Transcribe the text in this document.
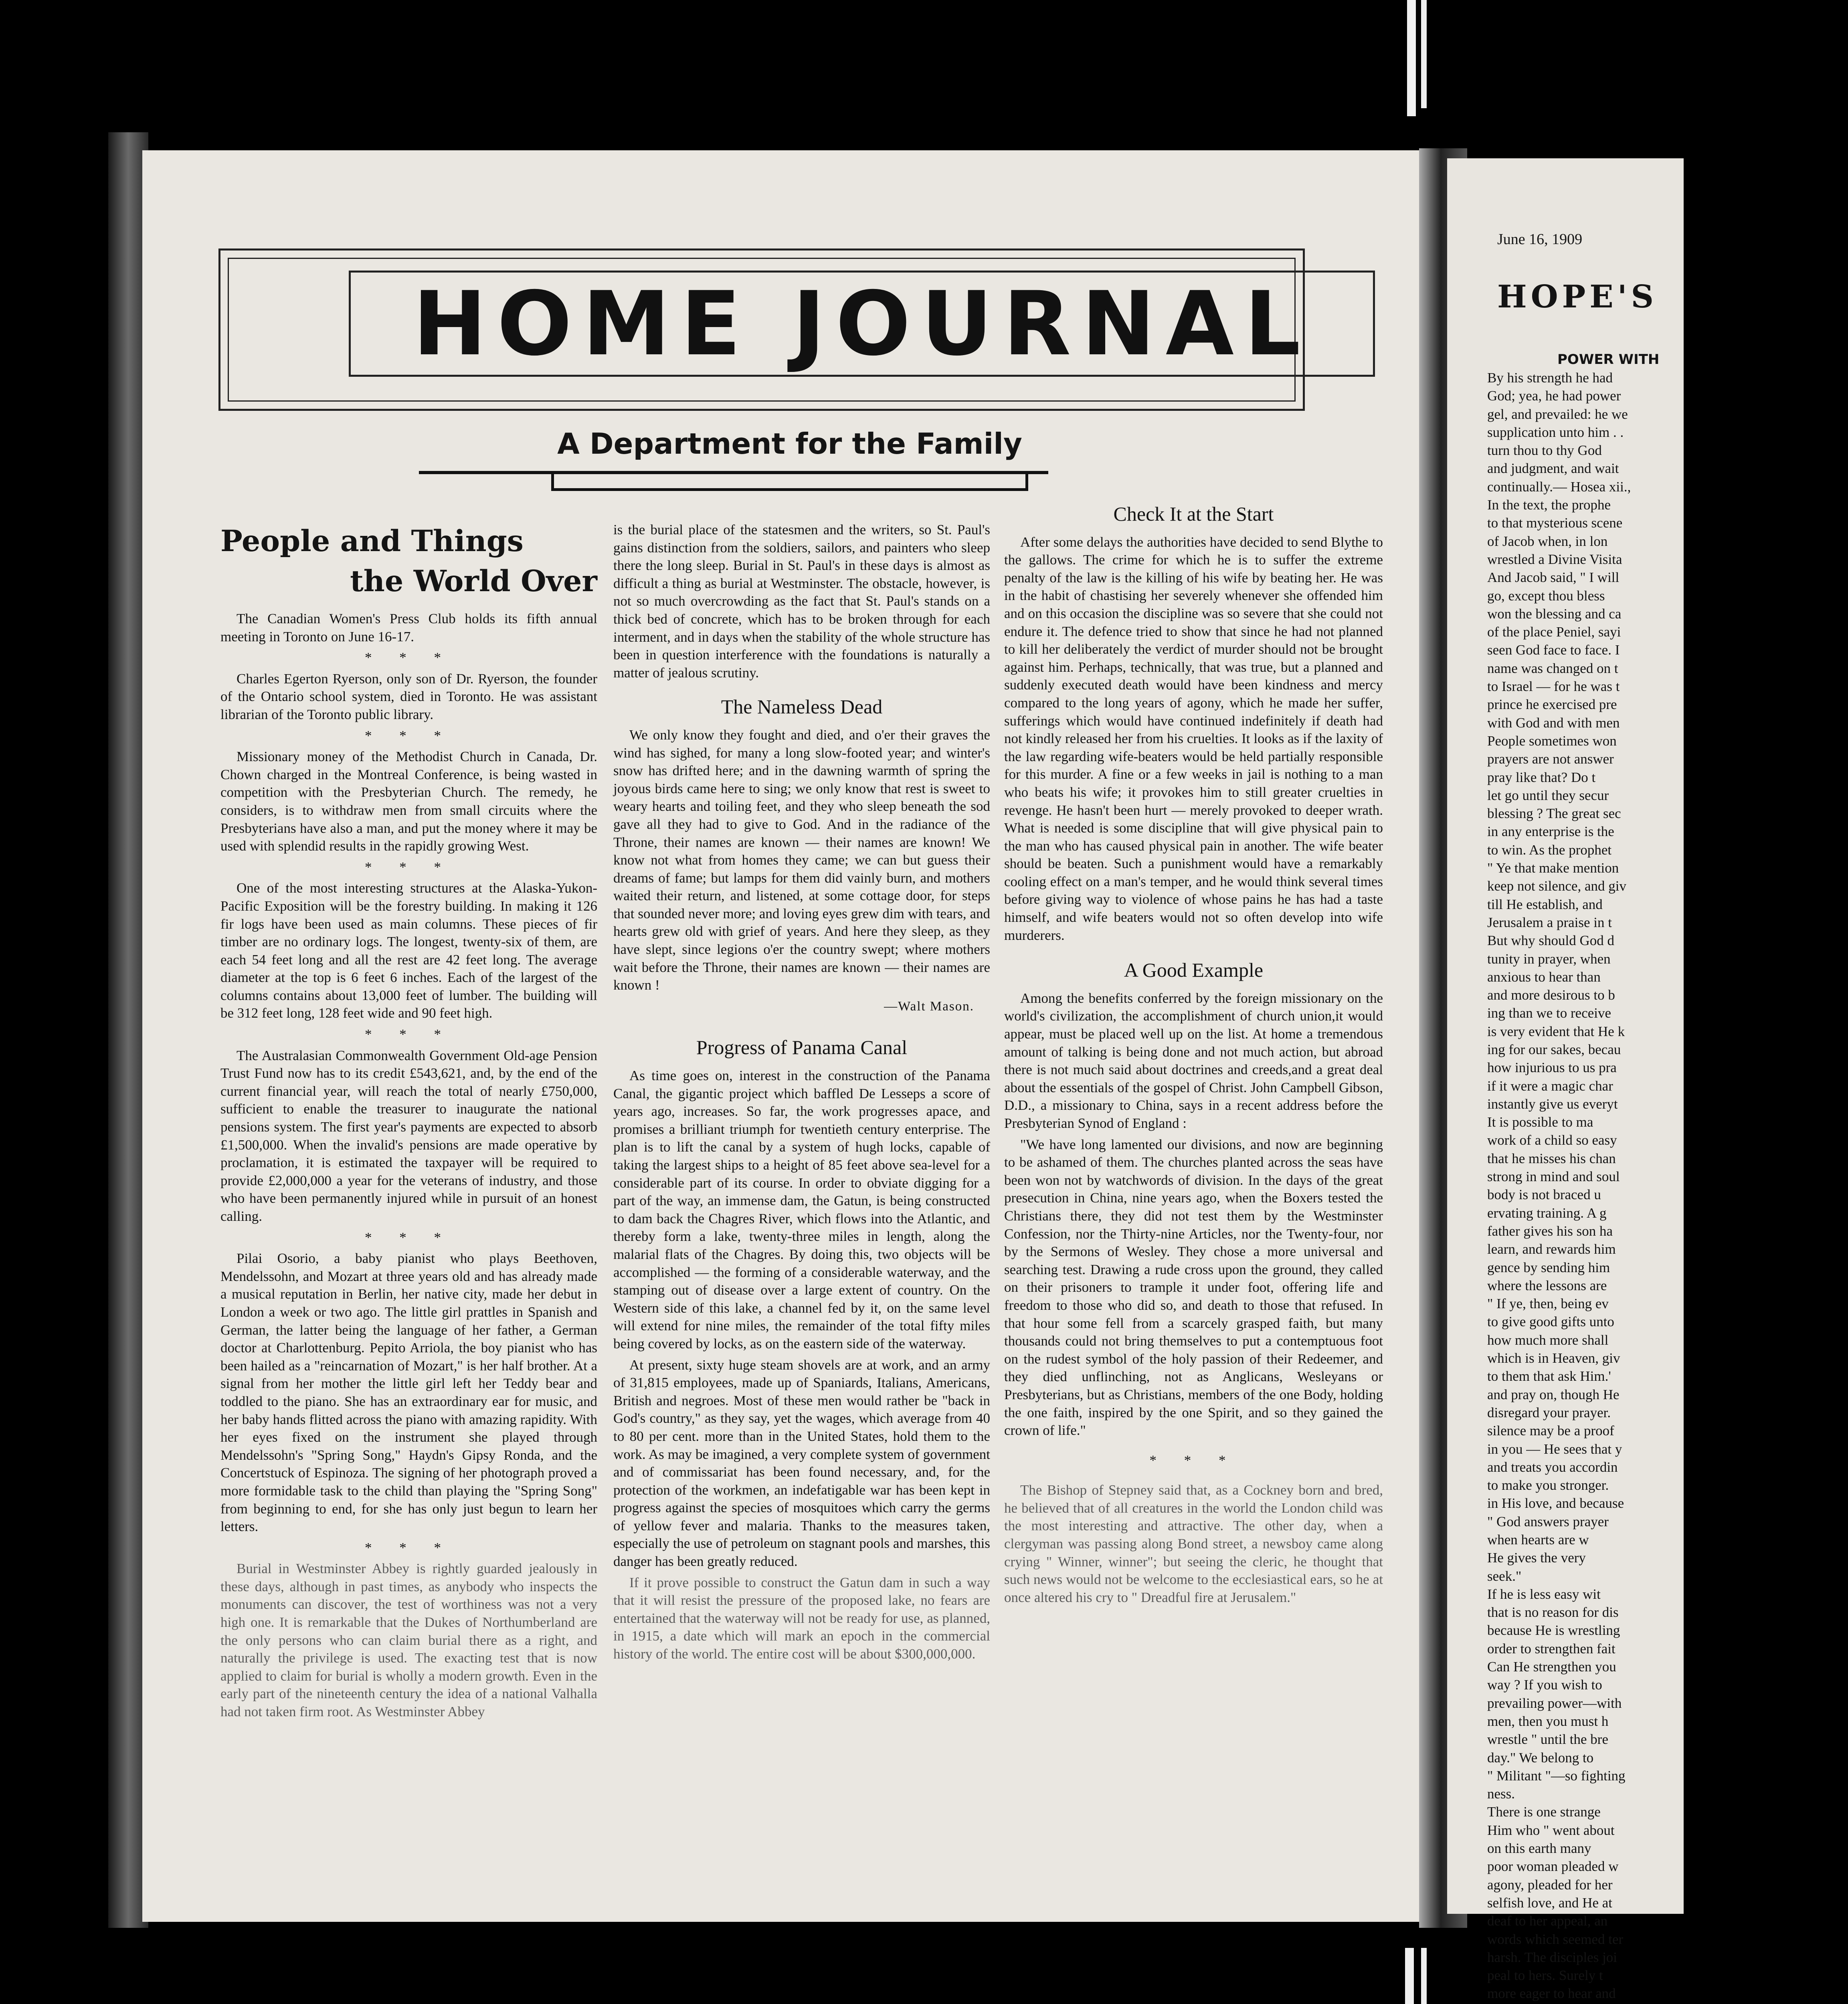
HOME JOURNAL
A Department for the Family
People and Things
the World Over

The Canadian Women's Press Club holds its fifth annual meeting in Toronto on June 16-17.

* * *

Charles Egerton Ryerson, only son of Dr. Ryerson, the founder of the Ontario school system, died in Toronto. He was assistant librarian of the Toronto public library.

* * *

Missionary money of the Methodist Church in Canada, Dr. Chown charged in the Montreal Conference, is being wasted in competition with the Presbyterian Church. The remedy, he considers, is to withdraw men from small circuits where the Presbyterians have also a man, and put the money where it may be used with splendid results in the rapidly growing West.

* * *

One of the most interesting structures at the Alaska-Yukon-Pacific Exposition will be the forestry building. In making it 126 fir logs have been used as main columns. These pieces of fir timber are no ordinary logs. The longest, twenty-six of them, are each 54 feet long and all the rest are 42 feet long. The average diameter at the top is 6 feet 6 inches. Each of the largest of the columns contains about 13,000 feet of lumber. The building will be 312 feet long, 128 feet wide and 90 feet high.

* * *

The Australasian Commonwealth Government Old-age Pension Trust Fund now has to its credit £543,621, and, by the end of the current financial year, will reach the total of nearly £750,000, sufficient to enable the treasurer to inaugurate the national pensions system. The first year's payments are expected to absorb £1,500,000. When the invalid's pensions are made operative by proclamation, it is estimated the taxpayer will be required to provide £2,000,000 a year for the veterans of industry, and those who have been permanently injured while in pursuit of an honest calling.

* * *

Pilai Osorio, a baby pianist who plays Beethoven, Mendelssohn, and Mozart at three years old and has already made a musical reputation in Berlin, her native city, made her debut in London a week or two ago. The little girl prattles in Spanish and German, the latter being the language of her father, a German doctor at Charlottenburg. Pepito Arriola, the boy pianist who has been hailed as a "reincarnation of Mozart," is her half brother. At a signal from her mother the little girl left her Teddy bear and toddled to the piano. She has an extraordinary ear for music, and her baby hands flitted across the piano with amazing rapidity. With her eyes fixed on the instrument she played through Mendelssohn's "Spring Song," Haydn's Gipsy Ronda, and the Concertstuck of Espinoza. The signing of her photograph proved a more formidable task to the child than playing the "Spring Song" from beginning to end, for she has only just begun to learn her letters.

* * *

Burial in Westminster Abbey is rightly guarded jealously in these days, although in past times, as anybody who inspects the monuments can discover, the test of worthiness was not a very high one. It is remarkable that the Dukes of Northumberland are the only persons who can claim burial there as a right, and naturally the privilege is used. The exacting test that is now applied to claim for burial is wholly a modern growth. Even in the early part of the nineteenth century the idea of a national Valhalla had not taken firm root. As Westminster Abbey

is the burial place of the statesmen and the writers, so St. Paul's gains distinction from the soldiers, sailors, and painters who sleep there the long sleep. Burial in St. Paul's in these days is almost as difficult a thing as burial at Westminster. The obstacle, however, is not so much overcrowding as the fact that St. Paul's stands on a thick bed of concrete, which has to be broken through for each interment, and in days when the stability of the whole structure has been in question interference with the foundations is naturally a matter of jealous scrutiny.

The Nameless Dead

We only know they fought and died, and o'er their graves the wind has sighed, for many a long slow-footed year; and winter's snow has drifted here; and in the dawning warmth of spring the joyous birds came here to sing; we only know that rest is sweet to weary hearts and toiling feet, and they who sleep beneath the sod gave all they had to give to God. And in the radiance of the Throne, their names are known — their names are known! We know not what from homes they came; we can but guess their dreams of fame; but lamps for them did vainly burn, and mothers waited their return, and listened, at some cottage door, for steps that sounded never more; and loving eyes grew dim with tears, and hearts grew old with grief of years. And here they sleep, as they have slept, since legions o'er the country swept; where mothers wait before the Throne, their names are known — their names are known !

—Walt Mason.
Progress of Panama Canal

As time goes on, interest in the construction of the Panama Canal, the gigantic project which baffled De Lesseps a score of years ago, increases. So far, the work progresses apace, and promises a brilliant triumph for twentieth century enterprise. The plan is to lift the canal by a system of hugh locks, capable of taking the largest ships to a height of 85 feet above sea-level for a considerable part of its course. In order to obviate digging for a part of the way, an immense dam, the Gatun, is being constructed to dam back the Chagres River, which flows into the Atlantic, and thereby form a lake, twenty-three miles in length, along the malarial flats of the Chagres. By doing this, two objects will be accomplished — the forming of a considerable waterway, and the stamping out of disease over a large extent of country. On the Western side of this lake, a channel fed by it, on the same level will extend for nine miles, the remainder of the total fifty miles being covered by locks, as on the eastern side of the waterway.

At present, sixty huge steam shovels are at work, and an army of 31,815 employees, made up of Spaniards, Italians, Americans, British and negroes. Most of these men would rather be "back in God's country," as they say, yet the wages, which average from 40 to 80 per cent. more than in the United States, hold them to the work. As may be imagined, a very complete system of government and of commissariat has been found necessary, and, for the protection of the workmen, an indefatigable war has been kept in progress against the species of mosquitoes which carry the germs of yellow fever and malaria. Thanks to the measures taken, especially the use of petroleum on stagnant pools and marshes, this danger has been greatly reduced.

If it prove possible to construct the Gatun dam in such a way that it will resist the pressure of the proposed lake, no fears are entertained that the waterway will not be ready for use, as planned, in 1915, a date which will mark an epoch in the commercial history of the world. The entire cost will be about $300,000,000.

Check It at the Start

After some delays the authorities have decided to send Blythe to the gallows. The crime for which he is to suffer the extreme penalty of the law is the killing of his wife by beating her. He was in the habit of chastising her severely whenever she offended him and on this occasion the discipline was so severe that she could not endure it. The defence tried to show that since he had not planned to kill her deliberately the verdict of murder should not be brought against him. Perhaps, technically, that was true, but a planned and suddenly executed death would have been kindness and mercy compared to the long years of agony, which he made her suffer, sufferings which would have continued indefinitely if death had not kindly released her from his cruelties. It looks as if the laxity of the law regarding wife-beaters would be held partially responsible for this murder. A fine or a few weeks in jail is nothing to a man who beats his wife; it provokes him to still greater cruelties in revenge. He hasn't been hurt — merely provoked to deeper wrath. What is needed is some discipline that will give physical pain to the man who has caused physical pain in another. The wife beater should be beaten. Such a punishment would have a remarkably cooling effect on a man's temper, and he would think several times before giving way to violence of whose pains he has had a taste himself, and wife beaters would not so often develop into wife murderers.

A Good Example

Among the benefits conferred by the foreign missionary on the world's civilization, the accomplishment of church union,it would appear, must be placed well up on the list. At home a tremendous amount of talking is being done and not much action, but abroad there is not much said about doctrines and creeds,and a great deal about the essentials of the gospel of Christ. John Campbell Gibson, D.D., a missionary to China, says in a recent address before the Presbyterian Synod of England :

"We have long lamented our divisions, and now are beginning to be ashamed of them. The churches planted across the seas have been won not by watchwords of division. In the days of the great presecution in China, nine years ago, when the Boxers tested the Christians there, they did not test them by the Westminster Confession, nor the Thirty-nine Articles, nor the Twenty-four, nor by the Sermons of Wesley. They chose a more universal and searching test. Drawing a rude cross upon the ground, they called on their prisoners to trample it under foot, offering life and freedom to those who did so, and death to those that refused. In that hour some fell from a scarcely grasped faith, but many thousands could not bring themselves to put a contemptuous foot on the rudest symbol of the holy passion of their Redeemer, and they died unflinching, not as Anglicans, Wesleyans or Presbyterians, but as Christians, members of the one Body, holding the one faith, inspired by the one Spirit, and so they gained the crown of life."

* * *

The Bishop of Stepney said that, as a Cockney born and bred, he believed that of all creatures in the world the London child was the most interesting and attractive. The other day, when a clergyman was passing along Bond street, a newsboy came along crying " Winner, winner"; but seeing the cleric, he thought that such news would not be welcome to the ecclesiastical ears, so he at once altered his cry to " Dreadful fire at Jerusalem."

June 16, 1909
HOPE'S
POWER WITH
By his strength he had
God; yea, he had power
gel, and prevailed: he we
supplication unto him . .
turn thou to thy God
and judgment, and wait
continually.— Hosea xii.,
In the text, the prophe
to that mysterious scene
of Jacob when, in lon
wrestled a Divine Visita
And Jacob said, " I will
go, except thou bless
won the blessing and ca
of the place Peniel, sayi
seen God face to face. I
name was changed on t
to Israel — for he was t
prince he exercised pre
with God and with men
People sometimes won
prayers are not answer
pray like that? Do t
let go until they secur
blessing ? The great sec
in any enterprise is the
to win. As the prophet
" Ye that make mention
keep not silence, and giv
till He establish, and
Jerusalem a praise in t
But why should God d
tunity in prayer, when
anxious to hear than
and more desirous to b
ing than we to receive
is very evident that He k
ing for our sakes, becau
how injurious to us pra
if it were a magic char
instantly give us everyt
It is possible to ma
work of a child so easy
that he misses his chan
strong in mind and soul
body is not braced u
ervating training. A g
father gives his son ha
learn, and rewards him
gence by sending him
where the lessons are
" If ye, then, being ev
to give good gifts unto
how much more shall
which is in Heaven, giv
to them that ask Him.'
and pray on, though He
disregard your prayer.
silence may be a proof
in you — He sees that y
and treats you accordin
to make you stronger.
in His love, and because
" God answers prayer
when hearts are w
He gives the very
seek."
If he is less easy wit
that is no reason for dis
because He is wrestling
order to strengthen fait
Can He strengthen you
way ? If you wish to
prevailing power—with
men, then you must h
wrestle " until the bre
day." We belong to
" Militant "—so fighting
ness.
There is one strange
Him who " went about
on this earth many
poor woman pleaded w
agony, pleaded for her
selfish love, and He at
deaf to her appeal, an
words which seemed ter
harsh. The disciples joi
peal to hers. Surely t
more eager to hear and
